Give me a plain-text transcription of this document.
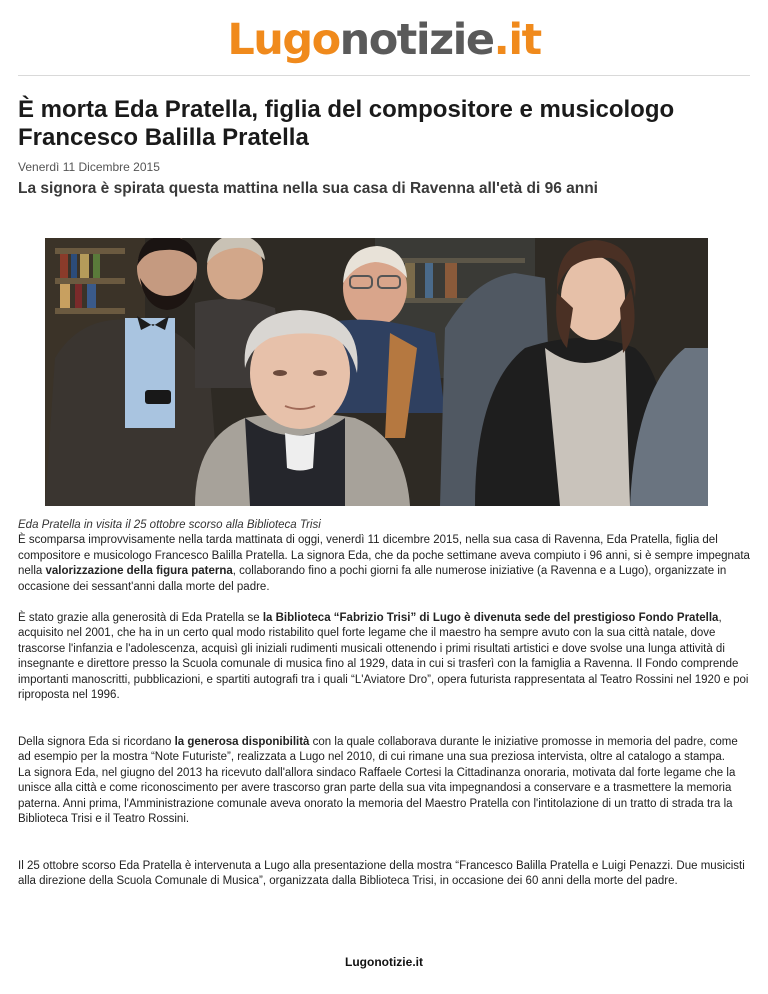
Lugonotizie.it
È morta Eda Pratella, figlia del compositore e musicologo Francesco Balilla Pratella
Venerdì 11 Dicembre 2015
La signora è spirata questa mattina nella sua casa di Ravenna all'età di 96 anni
Eda Pratella in visita il 25 ottobre scorso alla Biblioteca Trisi

È scomparsa improvvisamente nella tarda mattinata di oggi, venerdì 11 dicembre 2015, nella sua casa di Ravenna, Eda Pratella, figlia del compositore e musicologo Francesco Balilla Pratella. La signora Eda, che da poche settimane aveva compiuto i 96 anni, si è sempre impegnata nella valorizzazione della figura paterna, collaborando fino a pochi giorni fa alle numerose iniziative (a Ravenna e a Lugo), organizzate in occasione dei sessant'anni dalla morte del padre.

È stato grazie alla generosità di Eda Pratella se la Biblioteca “Fabrizio Trisi” di Lugo è divenuta sede del prestigioso Fondo Pratella, acquisito nel 2001, che ha in un certo qual modo ristabilito quel forte legame che il maestro ha sempre avuto con la sua città natale, dove trascorse l'infanzia e l'adolescenza, acquisì gli iniziali rudimenti musicali ottenendo i primi risultati artistici e dove svolse una lunga attività di insegnante e direttore presso la Scuola comunale di musica fino al 1929, data in cui si trasferì con la famiglia a Ravenna. Il Fondo comprende importanti manoscritti, pubblicazioni, e spartiti autografi tra i quali “L'Aviatore Dro”, opera futurista rappresentata al Teatro Rossini nel 1920 e poi riproposta nel 1996.

Della signora Eda si ricordano la generosa disponibilità con la quale collaborava durante le iniziative promosse in memoria del padre, come ad esempio per la mostra “Note Futuriste”, realizzata a Lugo nel 2010, di cui rimane una sua preziosa intervista, oltre al catalogo a stampa.

La signora Eda, nel giugno del 2013 ha ricevuto dall'allora sindaco Raffaele Cortesi la Cittadinanza onoraria, motivata dal forte legame che la unisce alla città e come riconoscimento per avere trascorso gran parte della sua vita impegnandosi a conservare e a trasmettere la memoria paterna. Anni prima, l'Amministrazione comunale aveva onorato la memoria del Maestro Pratella con l'intitolazione di un tratto di strada tra la Biblioteca Trisi e il Teatro Rossini.

Il 25 ottobre scorso Eda Pratella è intervenuta a Lugo alla presentazione della mostra “Francesco Balilla Pratella e Luigi Penazzi. Due musicisti alla direzione della Scuola Comunale di Musica”, organizzata dalla Biblioteca Trisi, in occasione dei 60 anni della morte del padre.

Lugonotizie.it
